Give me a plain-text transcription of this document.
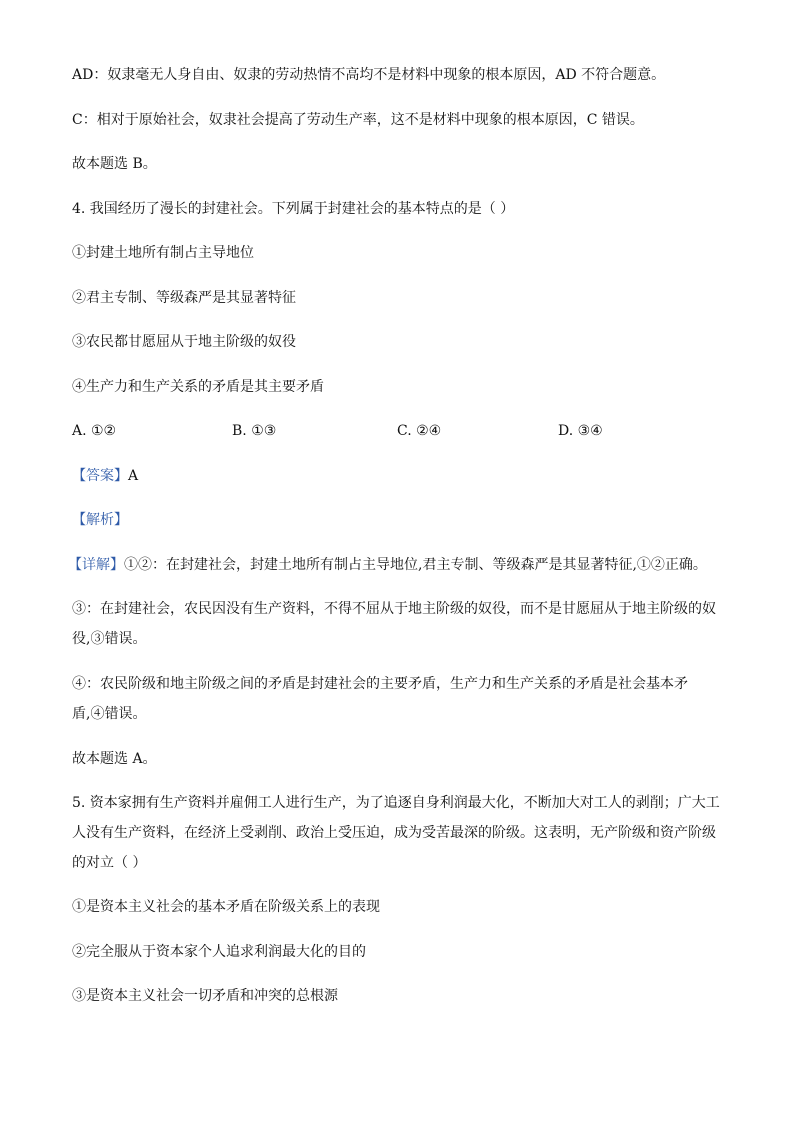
AD：奴隶毫无人身自由、奴隶的劳动热情不高均不是材料中现象的根本原因，AD 不符合题意。
C：相对于原始社会，奴隶社会提高了劳动生产率，这不是材料中现象的根本原因，C 错误。
故本题选 B。
4. 我国经历了漫长的封建社会。下列属于封建社会的基本特点的是（ ）
①封建土地所有制占主导地位
②君主专制、等级森严是其显著特征
③农民都甘愿屈从于地主阶级的奴役
④生产力和生产关系的矛盾是其主要矛盾
A. ①②	B. ①③	C. ②④	D. ③④
【答案】A
【解析】
【详解】①②：在封建社会，封建土地所有制占主导地位,君主专制、等级森严是其显著特征,①②正确。
③：在封建社会，农民因没有生产资料，不得不屈从于地主阶级的奴役，而不是甘愿屈从于地主阶级的奴
役,③错误。
④：农民阶级和地主阶级之间的矛盾是封建社会的主要矛盾，生产力和生产关系的矛盾是社会基本矛
盾,④错误。
故本题选 A。
5. 资本家拥有生产资料并雇佣工人进行生产，为了追逐自身利润最大化，不断加大对工人的剥削；广大工
人没有生产资料，在经济上受剥削、政治上受压迫，成为受苦最深的阶级。这表明，无产阶级和资产阶级
的对立（ ）
①是资本主义社会的基本矛盾在阶级关系上的表现
②完全服从于资本家个人追求利润最大化的目的
③是资本主义社会一切矛盾和冲突的总根源
